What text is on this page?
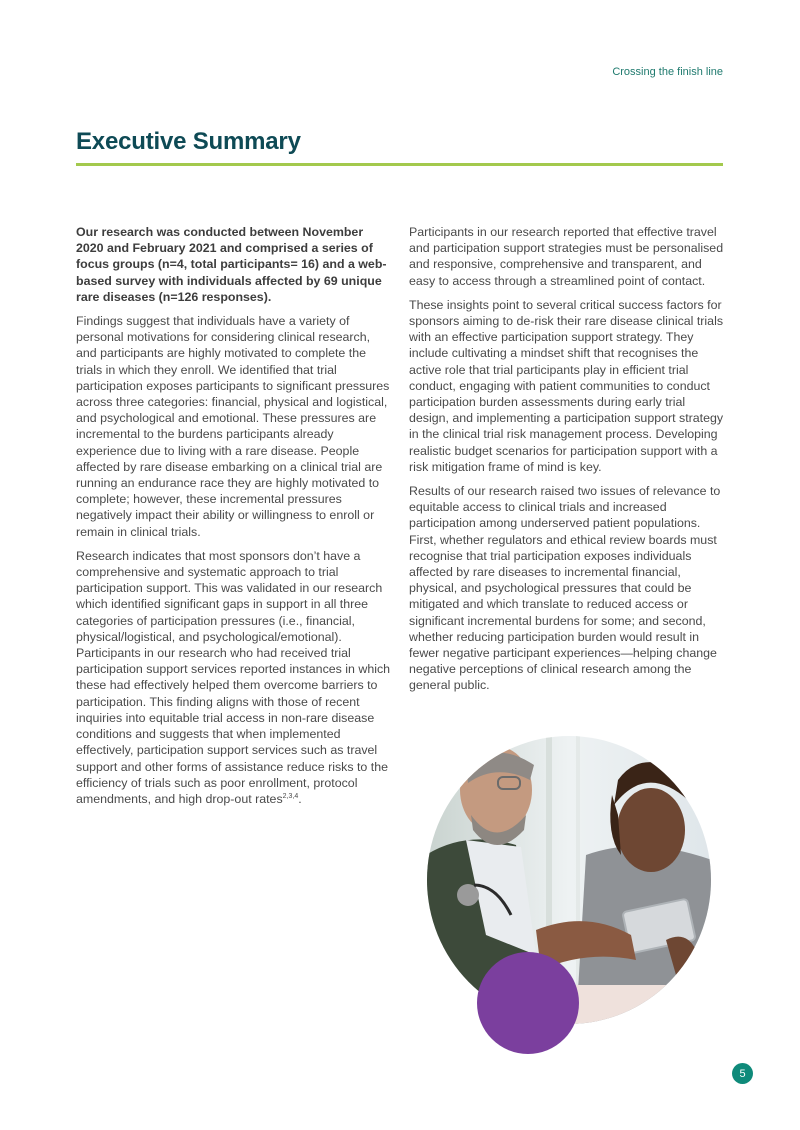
Crossing the finish line
Executive Summary

Our research was conducted between November 2020 and February 2021 and comprised a series of focus groups (n=4, total participants= 16) and a web-based survey with individuals affected by 69 unique rare diseases (n=126 responses).

Findings suggest that individuals have a variety of personal motivations for considering clinical research, and participants are highly motivated to complete the trials in which they enroll. We identified that trial participation exposes participants to significant pressures across three categories: financial, physical and logistical, and psychological and emotional. These pressures are incremental to the burdens participants already experience due to living with a rare disease. People affected by rare disease embarking on a clinical trial are running an endurance race they are highly motivated to complete; however, these incremental pressures negatively impact their ability or willingness to enroll or remain in clinical trials.

Research indicates that most sponsors don’t have a comprehensive and systematic approach to trial participation support. This was validated in our research which identified significant gaps in support in all three categories of participation pressures (i.e., financial, physical/logistical, and psychological/emotional). Participants in our research who had received trial participation support services reported instances in which these had effectively helped them overcome barriers to participation. This finding aligns with those of recent inquiries into equitable trial access in non-rare disease conditions and suggests that when implemented effectively, participation support services such as travel support and other forms of assistance reduce risks to the efficiency of trials such as poor enrollment, protocol amendments, and high drop-out rates$^{2,3,4}$.

Participants in our research reported that effective travel and participation support strategies must be personalised and responsive, comprehensive and transparent, and easy to access through a streamlined point of contact.

These insights point to several critical success factors for sponsors aiming to de-risk their rare disease clinical trials with an effective participation support strategy. They include cultivating a mindset shift that recognises the active role that trial participants play in efficient trial conduct, engaging with patient communities to conduct participation burden assessments during early trial design, and implementing a participation support strategy in the clinical trial risk management process. Developing realistic budget scenarios for participation support with a risk mitigation frame of mind is key.

Results of our research raised two issues of relevance to equitable access to clinical trials and increased participation among underserved patient populations. First, whether regulators and ethical review boards must recognise that trial participation exposes individuals affected by rare diseases to incremental financial, physical, and psychological pressures that could be mitigated and which translate to reduced access or significant incremental burdens for some; and second, whether reducing participation burden would result in fewer negative participant experiences—helping change negative perceptions of clinical research among the general public.

5
